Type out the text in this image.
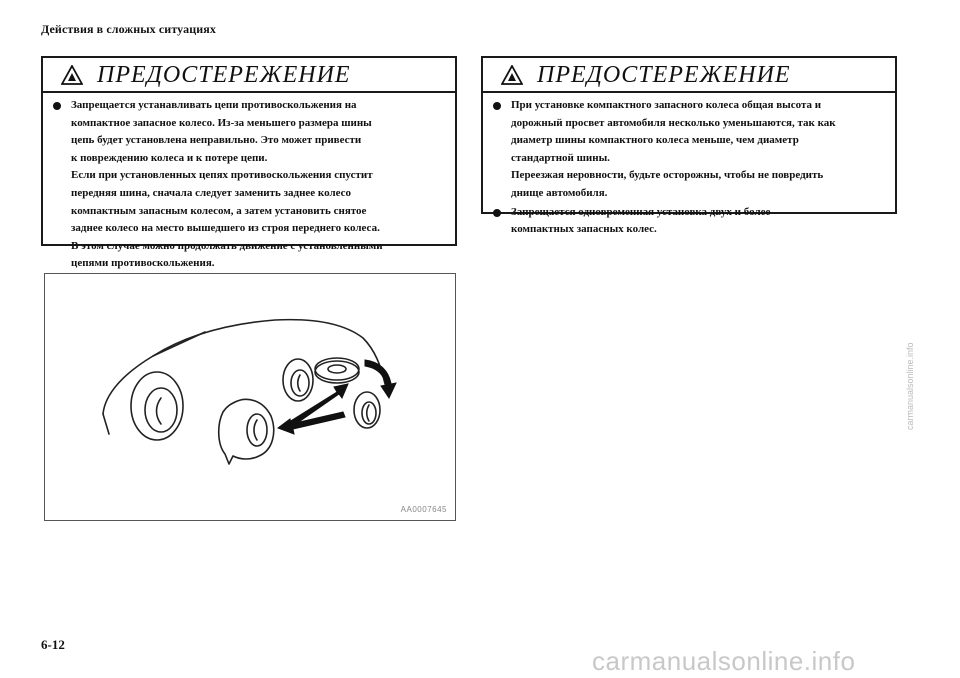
Действия в сложных ситуациях
ПРЕДОСТЕРЕЖЕНИЕ
Запрещается устанавливать цепи противоскольжения на
компактное запасное колесо. Из-за меньшего размера шины
цепь будет установлена неправильно. Это может привести
к повреждению колеса и к потере цепи.
Если при установленных цепях противоскольжения спустит
передняя шина, сначала следует заменить заднее колесо
компактным запасным колесом, а затем установить снятое
заднее колесо на место вышедшего из строя переднего колеса.
В этом случае можно продолжать движение с установленными
цепями противоскольжения.
ПРЕДОСТЕРЕЖЕНИЕ
При установке компактного запасного колеса общая высота и
дорожный просвет автомобиля несколько уменьшаются, так как
диаметр шины компактного колеса меньше, чем диаметр
стандартной шины.
Переезжая неровности, будьте осторожны, чтобы не повредить
днище автомобиля.
Запрещается одновременная установка двух и более
компактных запасных колес.
AA0007645
6-12
carmanualsonline.info
carmanualsonline.info
